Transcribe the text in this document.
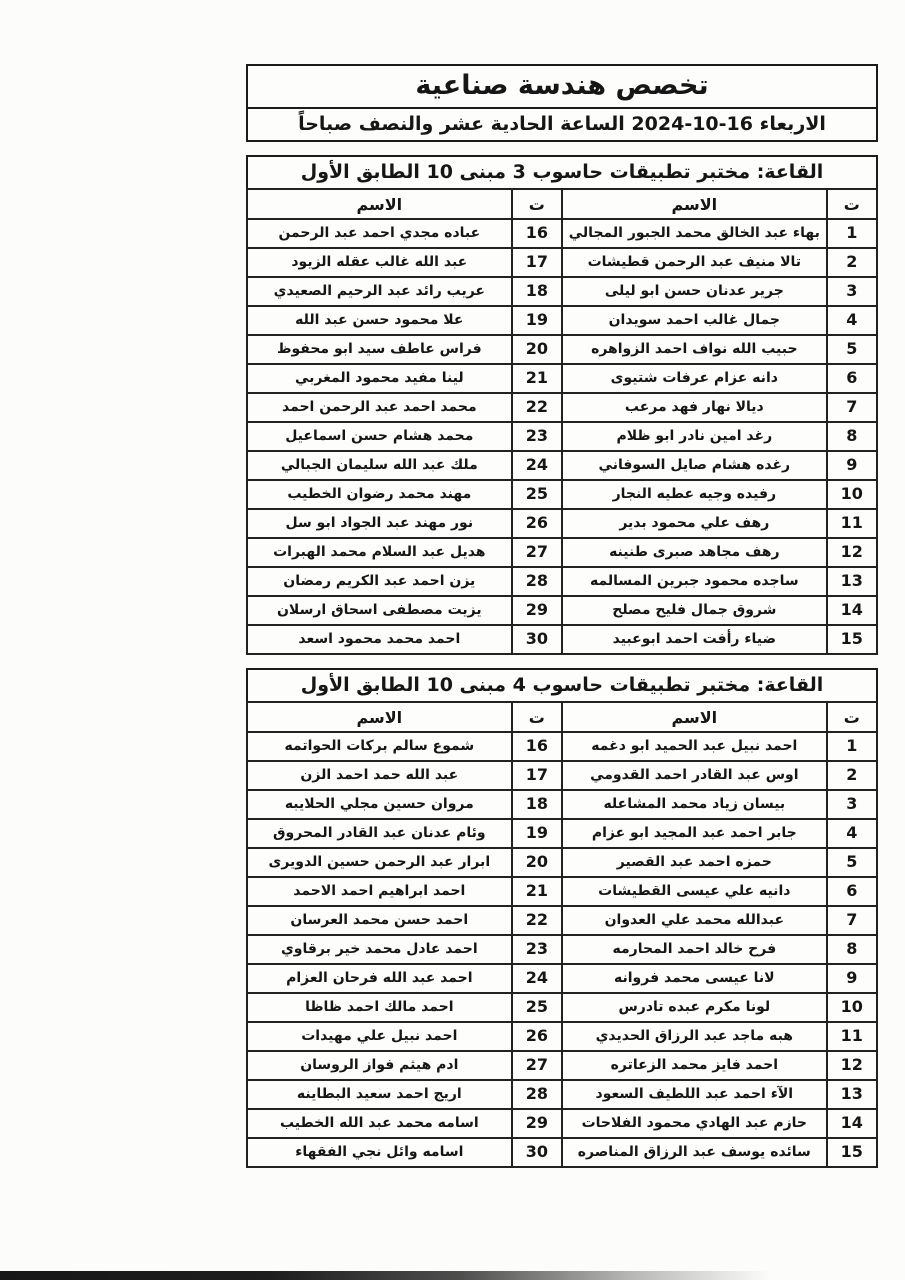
تخصص هندسة صناعية
الاربعاء 16-10-2024 الساعة الحادية عشر والنصف صباحاً
القاعة: مختبر تطبيقات حاسوب 3 مبنى 10 الطابق الأول
ت	الاسم	ت	الاسم
1	بهاء عبد الخالق محمد الجبور المجالي	16	عباده مجدي احمد عبد الرحمن
2	تالا منيف عبد الرحمن قطيشات	17	عبد الله غالب عقله الزيود
3	جرير عدنان حسن ابو ليلى	18	عريب رائد عبد الرحيم الصعيدي
4	جمال غالب احمد سويدان	19	علا محمود حسن عبد الله
5	حبيب الله نواف احمد الزواهره	20	فراس عاطف سيد ابو محفوظ
6	دانه عزام عرفات شتيوى	21	لينا مفيد محمود المغربي
7	ديالا نهار فهد مرعب	22	محمد احمد عبد الرحمن احمد
8	رغد امين نادر ابو ظلام	23	محمد هشام حسن اسماعيل
9	رغده هشام صايل السوفاني	24	ملك عبد الله سليمان الجبالي
10	رفيده وجيه عطيه النجار	25	مهند محمد رضوان الخطيب
11	رهف علي محمود بدير	26	نور مهند عبد الجواد ابو سل
12	رهف مجاهد صبرى طنينه	27	هديل عبد السلام محمد الهبرات
13	ساجده محمود جبرين المسالمه	28	يزن احمد عبد الكريم رمضان
14	شروق جمال فليح مصلح	29	يزيت مصطفى اسحاق ارسلان
15	ضياء رأفت احمد ابوعبيد	30	احمد محمد محمود اسعد
القاعة: مختبر تطبيقات حاسوب 4 مبنى 10 الطابق الأول
ت	الاسم	ت	الاسم
1	احمد نبيل عبد الحميد ابو دغمه	16	شموع سالم بركات الحواتمه
2	اوس عبد القادر احمد القدومي	17	عبد الله حمد احمد الزن
3	بيسان زياد محمد المشاعله	18	مروان حسين مجلي الحلايبه
4	جابر احمد عبد المجيد ابو عزام	19	وئام عدنان عبد القادر المحروق
5	حمزه احمد عبد القصير	20	ابرار عبد الرحمن حسين الدويرى
6	دانيه علي عيسى القطيشات	21	احمد ابراهيم احمد الاحمد
7	عبدالله محمد علي العدوان	22	احمد حسن محمد العرسان
8	فرح خالد احمد المحارمه	23	احمد عادل محمد خير برقاوي
9	لانا عيسى محمد فروانه	24	احمد عبد الله فرحان العزام
10	لونا مكرم عبده تادرس	25	احمد مالك احمد ظاظا
11	هبه ماجد عبد الرزاق الحديدي	26	احمد نبيل علي مهيدات
12	احمد فايز محمد الزعاتره	27	ادم هيثم فواز الروسان
13	الآء احمد عبد اللطيف السعود	28	اريج احمد سعيد البطاينه
14	حازم عبد الهادي محمود الفلاحات	29	اسامه محمد عبد الله الخطيب
15	سائده يوسف عبد الرزاق المناصره	30	اسامه وائل نجي الفقهاء
